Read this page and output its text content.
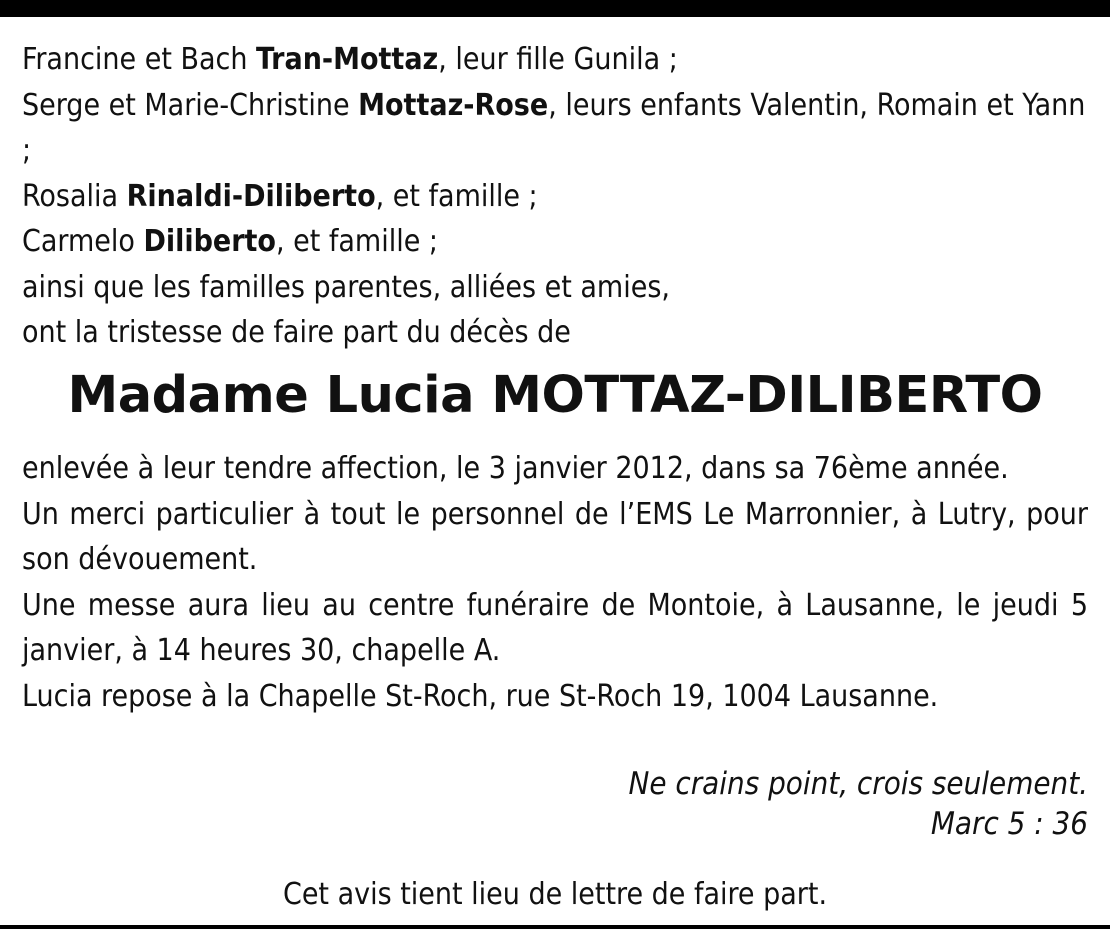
Francine et Bach Tran-Mottaz, leur fille Gunila ;
Serge et Marie-Christine Mottaz-Rose, leurs enfants Valentin, Romain et Yann ;
Rosalia Rinaldi-Diliberto, et famille ;
Carmelo Diliberto, et famille ;
ainsi que les familles parentes, alliées et amies,
ont la tristesse de faire part du décès de
Madame Lucia MOTTAZ-DILIBERTO

enlevée à leur tendre affection, le 3 janvier 2012, dans sa 76ème année.

Un merci particulier à tout le personnel de l’EMS Le Marronnier, à Lutry, pour son dévouement.

Une messe aura lieu au centre funéraire de Montoie, à Lausanne, le jeudi 5 janvier, à 14 heures 30, chapelle A.

Lucia repose à la Chapelle St-Roch, rue St-Roch 19, 1004 Lausanne.

Ne crains point, crois seulement.
Marc 5 : 36
Cet avis tient lieu de lettre de faire part.
